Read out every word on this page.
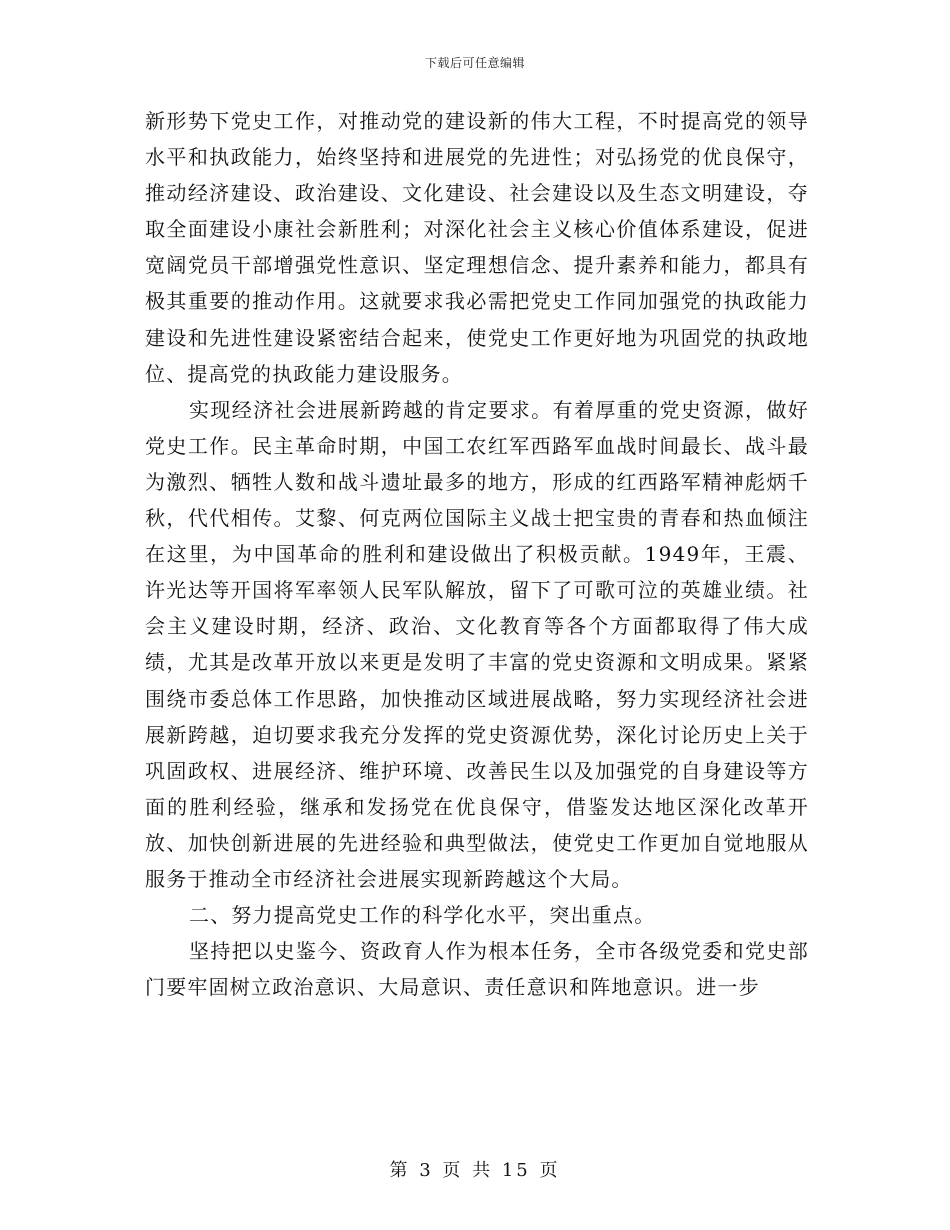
下载后可任意编辑

新形势下党史工作，对推动党的建设新的伟大工程，不时提高党的领导水平和执政能力，始终坚持和进展党的先进性；对弘扬党的优良保守，推动经济建设、政治建设、文化建设、社会建设以及生态文明建设，夺取全面建设小康社会新胜利；对深化社会主义核心价值体系建设，促进宽阔党员干部增强党性意识、坚定理想信念、提升素养和能力，都具有极其重要的推动作用。这就要求我必需把党史工作同加强党的执政能力建设和先进性建设紧密结合起来，使党史工作更好地为巩固党的执政地位、提高党的执政能力建设服务。

实现经济社会进展新跨越的肯定要求。有着厚重的党史资源，做好党史工作。民主革命时期，中国工农红军西路军血战时间最长、战斗最为激烈、牺牲人数和战斗遗址最多的地方，形成的红西路军精神彪炳千秋，代代相传。艾黎、何克两位国际主义战士把宝贵的青春和热血倾注在这里，为中国革命的胜利和建设做出了积极贡献。1949年，王震、许光达等开国将军率领人民军队解放，留下了可歌可泣的英雄业绩。社会主义建设时期，经济、政治、文化教育等各个方面都取得了伟大成绩，尤其是改革开放以来更是发明了丰富的党史资源和文明成果。紧紧围绕市委总体工作思路，加快推动区域进展战略，努力实现经济社会进展新跨越，迫切要求我充分发挥的党史资源优势，深化讨论历史上关于巩固政权、进展经济、维护环境、改善民生以及加强党的自身建设等方面的胜利经验，继承和发扬党在优良保守，借鉴发达地区深化改革开放、加快创新进展的先进经验和典型做法，使党史工作更加自觉地服从服务于推动全市经济社会进展实现新跨越这个大局。

二、努力提高党史工作的科学化水平，突出重点。

坚持把以史鉴今、资政育人作为根本任务，全市各级党委和党史部门要牢固树立政治意识、大局意识、责任意识和阵地意识。进一步

第 3 页 共 15 页
